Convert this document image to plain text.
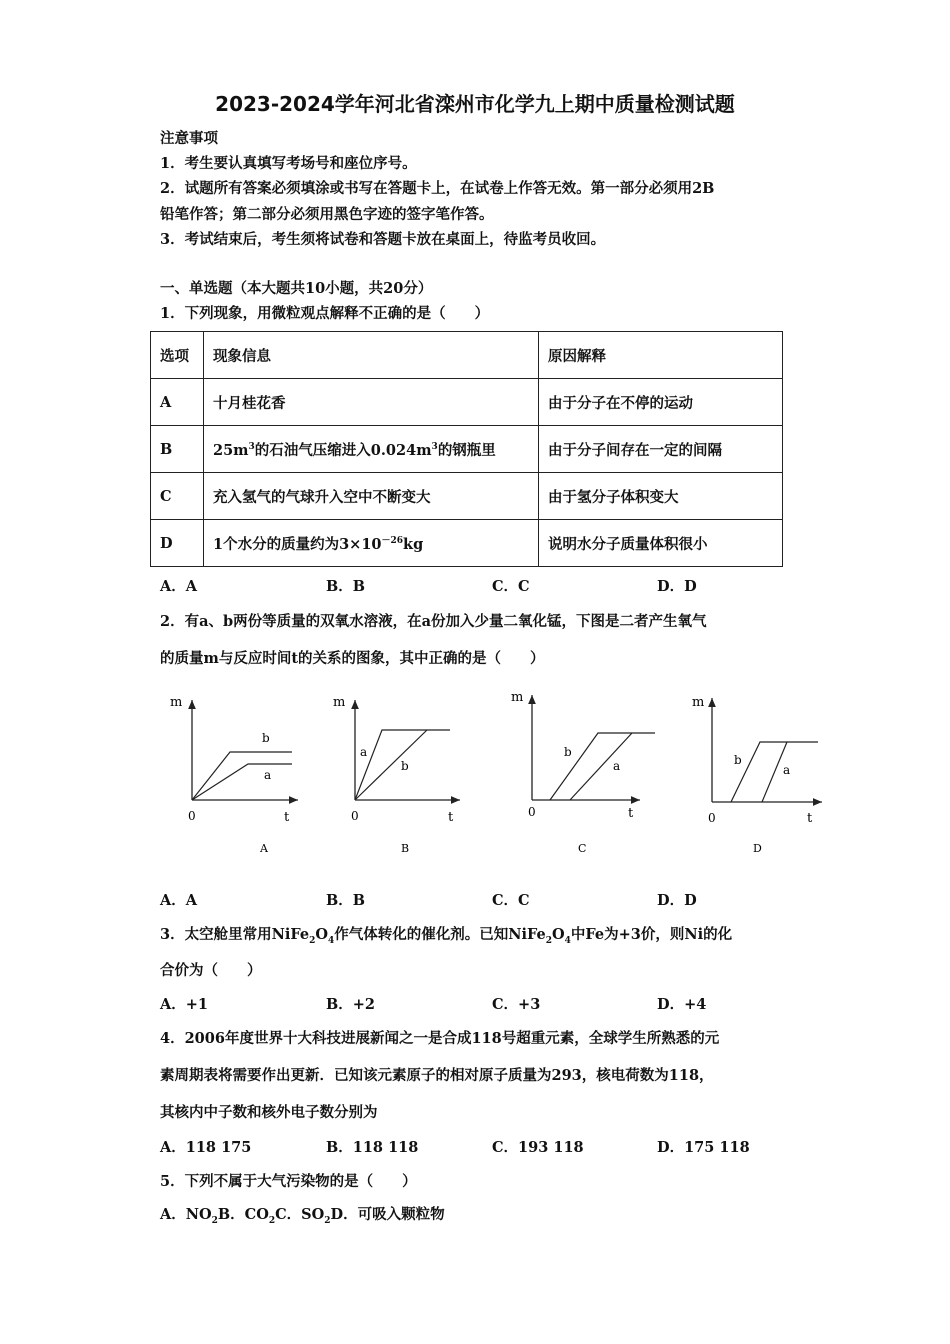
2023-2024学年河北省滦州市化学九上期中质量检测试题
注意事项
1．考生要认真填写考场号和座位序号。
2．试题所有答案必须填涂或书写在答题卡上，在试卷上作答无效。第一部分必须用2B
铅笔作答；第二部分必须用黑色字迹的签字笔作答。
3．考试结束后，考生须将试卷和答题卡放在桌面上，待监考员收回。
一、单选题（本大题共10小题，共20分）
1．下列现象，用微粒观点解释不正确的是（　　）
选项	现象信息	原因解释
A	十月桂花香	由于分子在不停的运动
B	$25m^3$的石油气压缩进入$0.024m^3$的钢瓶里	由于分子间存在一定的间隔
C	充入氢气的气球升入空中不断变大	由于氢分子体积变大
D	1个水分的质量约为$3\times 10^{-26}kg$	说明水分子质量体积很小
A．A	B．B	C．C	D．D
2．有a、b两份等质量的双氧水溶液，在a份加入少量二氧化锰，下图是二者产生氧气
的质量m与反应时间t的关系的图象，其中正确的是（　　）
m
t
0
b
a
A
m
t
0
a
b
B
m
t
0
b
a
C
m
t
0
b
a
D
A．A	B．B	C．C	D．D
3．太空舱里常用$NiFe_2O_4$作气体转化的催化剂。已知$NiFe_2O_4$中Fe为+3价，则Ni的化
合价为（　　）
A．+1	B．+2	C．+3	D．+4
4．2006年度世界十大科技进展新闻之一是合成118号超重元素，全球学生所熟悉的元
素周期表将需要作出更新．已知该元素原子的相对原子质量为293，核电荷数为118，
其核内中子数和核外电子数分别为
A．118 175	B．118 118	C．193 118	D．175 118
5．下列不属于大气污染物的是（　　）
A．$NO_2B$．$CO_2C$．$SO_2D$．可吸入颗粒物
